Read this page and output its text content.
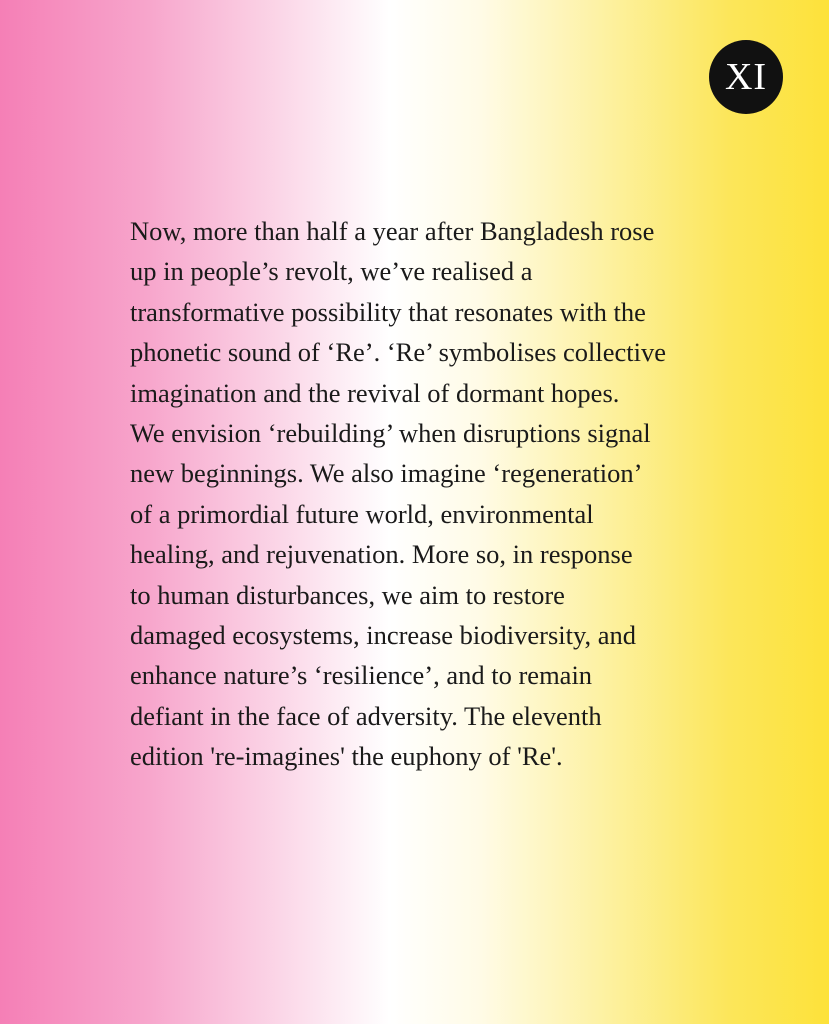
XI

Now, more than half a year after Bangladesh rose
up in people’s revolt, we’ve realised a
transformative possibility that resonates with the
phonetic sound of ‘Re’. ‘Re’ symbolises collective
imagination and the revival of dormant hopes.
We envision ‘rebuilding’ when disruptions signal
new beginnings. We also imagine ‘regeneration’
of a primordial future world, environmental
healing, and rejuvenation. More so, in response
to human disturbances, we aim to restore
damaged ecosystems, increase biodiversity, and
enhance nature’s ‘resilience’, and to remain
defiant in the face of adversity. The eleventh
edition 're-imagines' the euphony of 'Re'.
